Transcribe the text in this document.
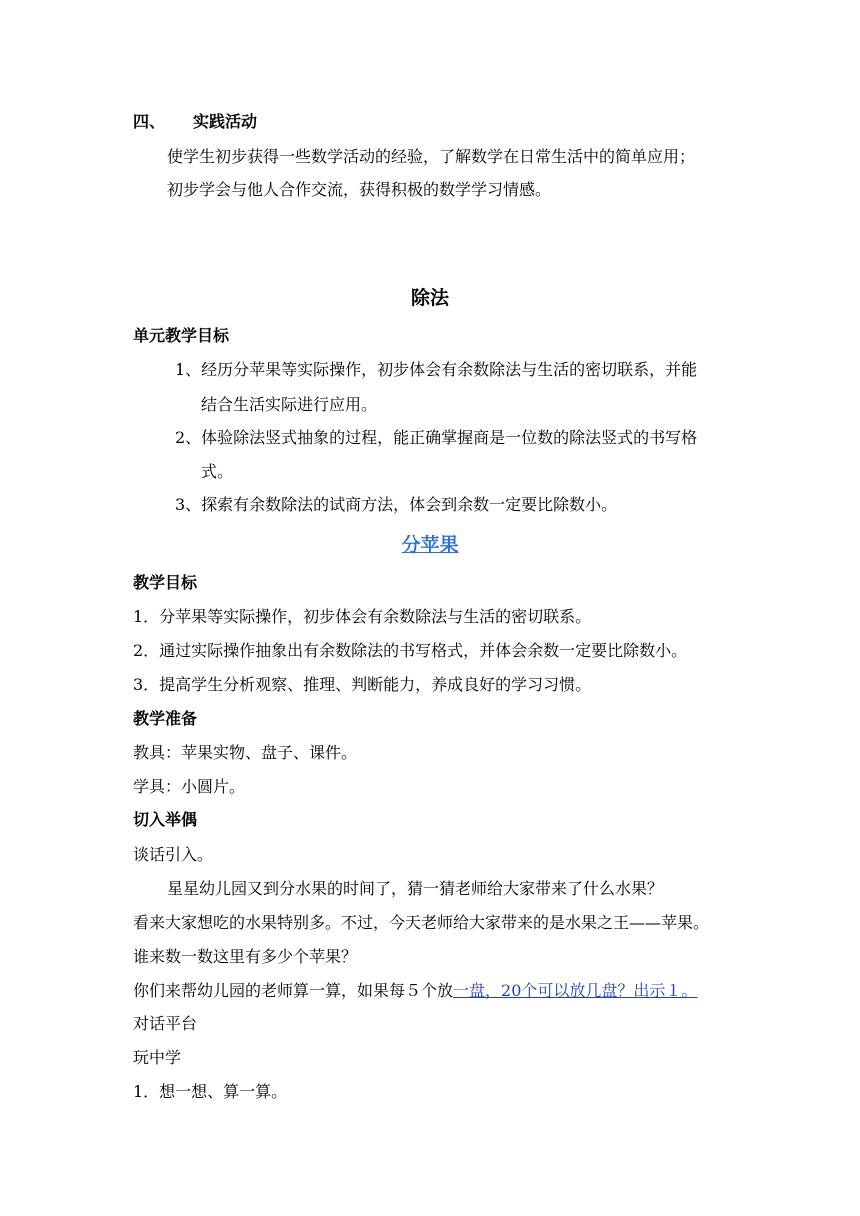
四、 实践活动
使学生初步获得一些数学活动的经验，了解数学在日常生活中的简单应用；
初步学会与他人合作交流，获得积极的数学学习情感。
除法
单元教学目标
1、经历分苹果等实际操作，初步体会有余数除法与生活的密切联系，并能
结合生活实际进行应用。
2、体验除法竖式抽象的过程，能正确掌握商是一位数的除法竖式的书写格
式。
3、探索有余数除法的试商方法，体会到余数一定要比除数小。
分苹果
教学目标
1．分苹果等实际操作，初步体会有余数除法与生活的密切联系。
2．通过实际操作抽象出有余数除法的书写格式，并体会余数一定要比除数小。
3．提高学生分析观察、推理、判断能力，养成良好的学习习惯。
教学准备
教具：苹果实物、盘子、课件。
学具：小圆片。
切入举偶
谈话引入。
星星幼儿园又到分水果的时间了，猜一猜老师给大家带来了什么水果？
看来大家想吃的水果特别多。不过，今天老师给大家带来的是水果之王——苹果。
谁来数一数这里有多少个苹果？
你们来帮幼儿园的老师算一算，如果每５个放一盘，20个可以放几盘？出示１。
对话平台
玩中学
1．想一想、算一算。
